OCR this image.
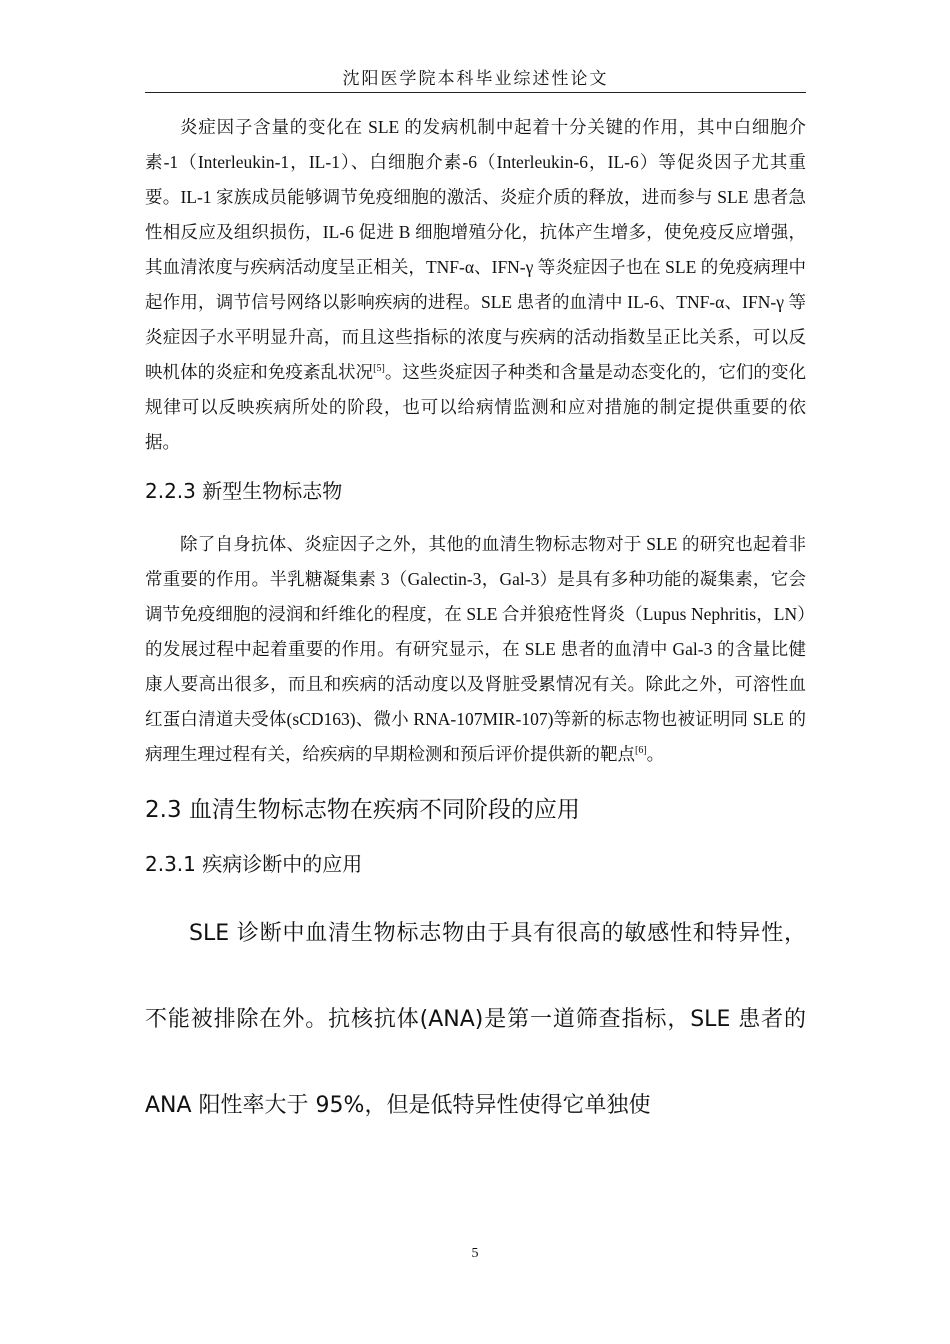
沈阳医学院本科毕业综述性论文

炎症因子含量的变化在 SLE 的发病机制中起着十分关键的作用，其中白细胞介素-1（Interleukin-1，IL-1）、白细胞介素-6（Interleukin-6，IL-6）等促炎因子尤其重要。IL-1 家族成员能够调节免疫细胞的激活、炎症介质的释放，进而参与 SLE 患者急性相反应及组织损伤，IL-6 促进 B 细胞增殖分化，抗体产生增多，使免疫反应增强，其血清浓度与疾病活动度呈正相关，TNF-α、IFN-γ 等炎症因子也在 SLE 的免疫病理中起作用，调节信号网络以影响疾病的进程。SLE 患者的血清中 IL-6、TNF-α、IFN-γ 等炎症因子水平明显升高，而且这些指标的浓度与疾病的活动指数呈正比关系，可以反映机体的炎症和免疫紊乱状况[5]。这些炎症因子种类和含量是动态变化的，它们的变化规律可以反映疾病所处的阶段，也可以给病情监测和应对措施的制定提供重要的依据。

2.2.3 新型生物标志物

除了自身抗体、炎症因子之外，其他的血清生物标志物对于 SLE 的研究也起着非常重要的作用。半乳糖凝集素 3（Galectin-3，Gal-3）是具有多种功能的凝集素，它会调节免疫细胞的浸润和纤维化的程度，在 SLE 合并狼疮性肾炎（Lupus Nephritis，LN）的发展过程中起着重要的作用。有研究显示，在 SLE 患者的血清中 Gal-3 的含量比健康人要高出很多，而且和疾病的活动度以及肾脏受累情况有关。除此之外，可溶性血红蛋白清道夫受体(sCD163)、微小 RNA-107MIR-107)等新的标志物也被证明同 SLE 的病理生理过程有关，给疾病的早期检测和预后评价提供新的靶点[6]。

2.3 血清生物标志物在疾病不同阶段的应用
2.3.1 疾病诊断中的应用

SLE 诊断中血清生物标志物由于具有很高的敏感性和特异性，不能被排除在外。抗核抗体(ANA)是第一道筛查指标，SLE 患者的 ANA 阳性率大于 95%，但是低特异性使得它单独使

5
